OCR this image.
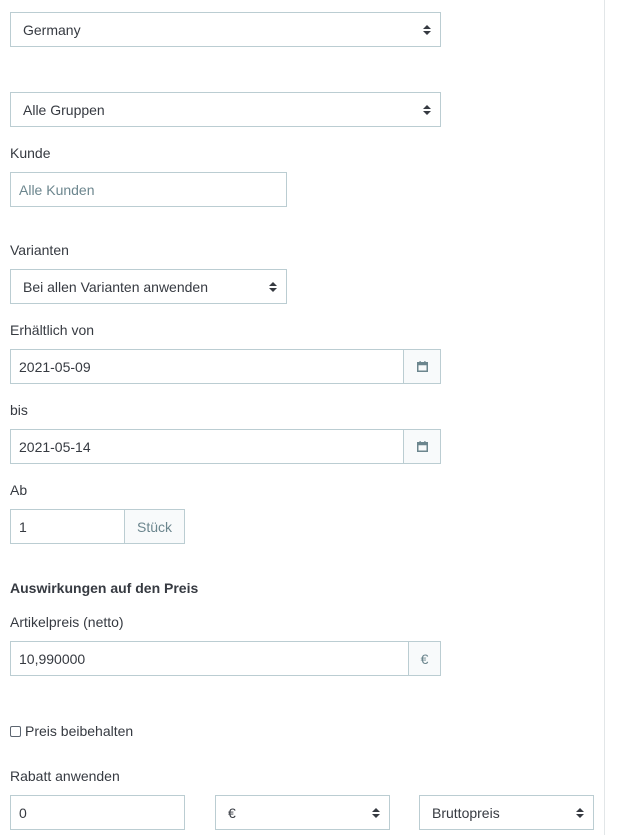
Germany
Alle Gruppen
Kunde
Alle Kunden
Varianten
Bei allen Varianten anwenden
Erhältlich von
2021-05-09
bis
2021-05-14
Ab
1	Stück
Auswirkungen auf den Preis
Artikelpreis (netto)
10,990000	€
Preis beibehalten
Rabatt anwenden
0	€	Bruttopreis
